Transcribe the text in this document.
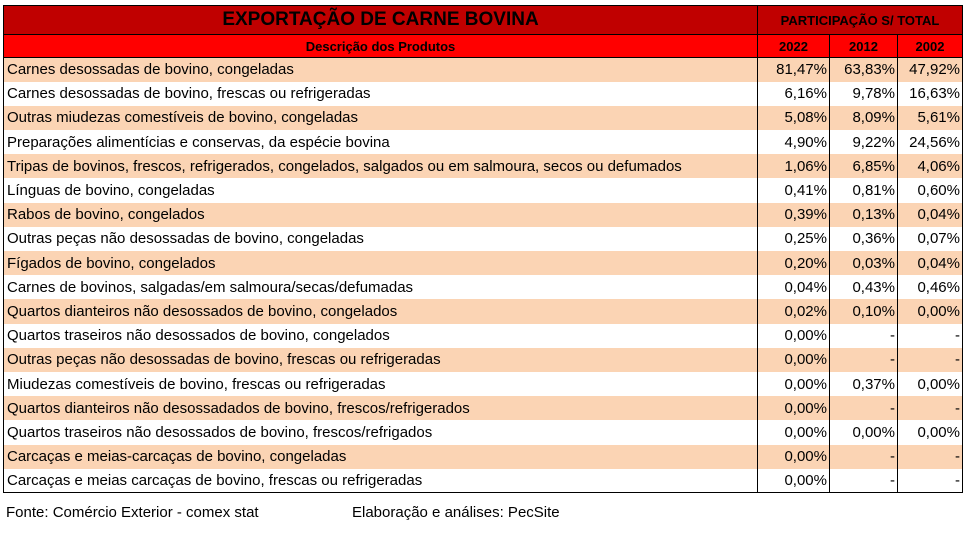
EXPORTAÇÃO DE CARNE BOVINA	PARTICIPAÇÃO S/ TOTAL		
Descrição dos Produtos	2022	2012	2002
Carnes desossadas de bovino, congeladas	81,47%	63,83%	47,92%
Carnes desossadas de bovino, frescas ou refrigeradas	6,16%	9,78%	16,63%
Outras miudezas comestíveis de bovino, congeladas	5,08%	8,09%	5,61%
Preparações alimentícias e conservas, da espécie bovina	4,90%	9,22%	24,56%
Tripas de bovinos, frescos, refrigerados, congelados, salgados ou em salmoura, secos ou defumados	1,06%	6,85%	4,06%
Línguas de bovino, congeladas	0,41%	0,81%	0,60%
Rabos de bovino, congelados	0,39%	0,13%	0,04%
Outras peças não desossadas de bovino, congeladas	0,25%	0,36%	0,07%
Fígados de bovino, congelados	0,20%	0,03%	0,04%
Carnes de bovinos, salgadas/em salmoura/secas/defumadas	0,04%	0,43%	0,46%
Quartos dianteiros não desossados de bovino, congelados	0,02%	0,10%	0,00%
Quartos traseiros não desossados de bovino, congelados	0,00%	-	-
Outras peças não desossadas de bovino, frescas ou refrigeradas	0,00%	-	-
Miudezas comestíveis de bovino, frescas ou refrigeradas	0,00%	0,37%	0,00%
Quartos dianteiros não desossadados de bovino, frescos/refrigerados	0,00%	-	-
Quartos traseiros não desossados de bovino, frescos/refrigados	0,00%	0,00%	0,00%
Carcaças e meias-carcaças de bovino, congeladas	0,00%	-	-
Carcaças e meias carcaças de bovino, frescas ou refrigeradas	0,00%	-	-
Fonte: Comércio Exterior - comex stat	Elaboração e análises: PecSite
